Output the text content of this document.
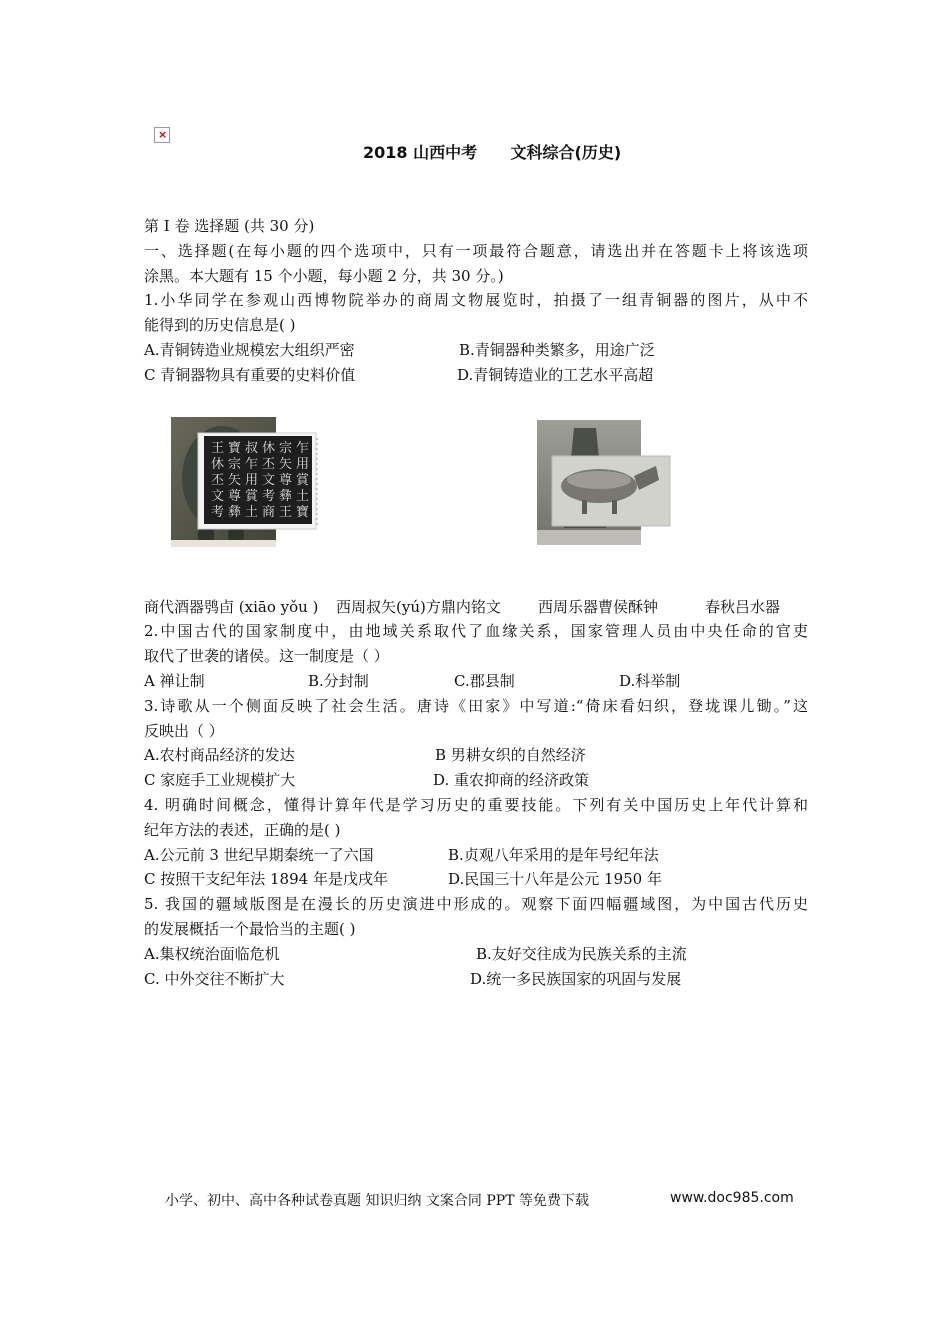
×
2018 山西中考      文科综合(历史)
第 I 卷 选择题 (共 30 分)
一、选择题(在每小题的四个选项中，只有一项最符合题意，请选出并在答题卡上将该选项
涂黑。本大题有 15 个小题，每小题 2 分，共 30 分。)
1.小华同学在参观山西博物院举办的商周文物展览时，拍摄了一组青铜器的图片，从中不
能得到的历史信息是( )
A.青铜铸造业规模宏大组织严密	B.青铜器种类繁多，用途广泛
C 青铜器物具有重要的史料价值	D.青铜铸造业的工艺水平高超
乍
用
賞
土
寶
宗
矢
尊
彝
王
休
丕
文
考
商
叔
乍
用
賞
土
寶
宗
矢
尊
彝
王
休
丕
文
考
商代酒器鸮卣 (xiāo yǒu ) 西周叔矢(yú)方鼎内铭文 西周乐器曹侯酥钟	春秋吕水器
2.中国古代的国家制度中，由地域关系取代了血缘关系，国家管理人员由中央任命的官吏
取代了世袭的诸侯。这一制度是（ ）
A 禅让制	B.分封制	C.郡县制	D.科举制
3.诗歌从一个侧面反映了社会生活。唐诗《田家》中写道:“倚床看妇织，登垅课儿锄。”这
反映出（ ）
A.农村商品经济的发达	B 男耕女织的自然经济
C 家庭手工业规模扩大	D. 重农抑商的经济政策
4. 明确时间概念，懂得计算年代是学习历史的重要技能。下列有关中国历史上年代计算和
纪年方法的表述，正确的是( )
A.公元前 3 世纪早期秦统一了六国	B.贞观八年采用的是年号纪年法
C 按照干支纪年法 1894 年是戊戌年	D.民国三十八年是公元 1950 年
5. 我国的疆域版图是在漫长的历史演进中形成的。观察下面四幅疆域图，为中国古代历史
的发展概括一个最恰当的主题( )
A.集权统治面临危机	B.友好交往成为民族关系的主流
C. 中外交往不断扩大	D.统一多民族国家的巩固与发展
小学、初中、高中各种试卷真题 知识归纳 文案合同 PPT 等免费下载	www.doc985.com
